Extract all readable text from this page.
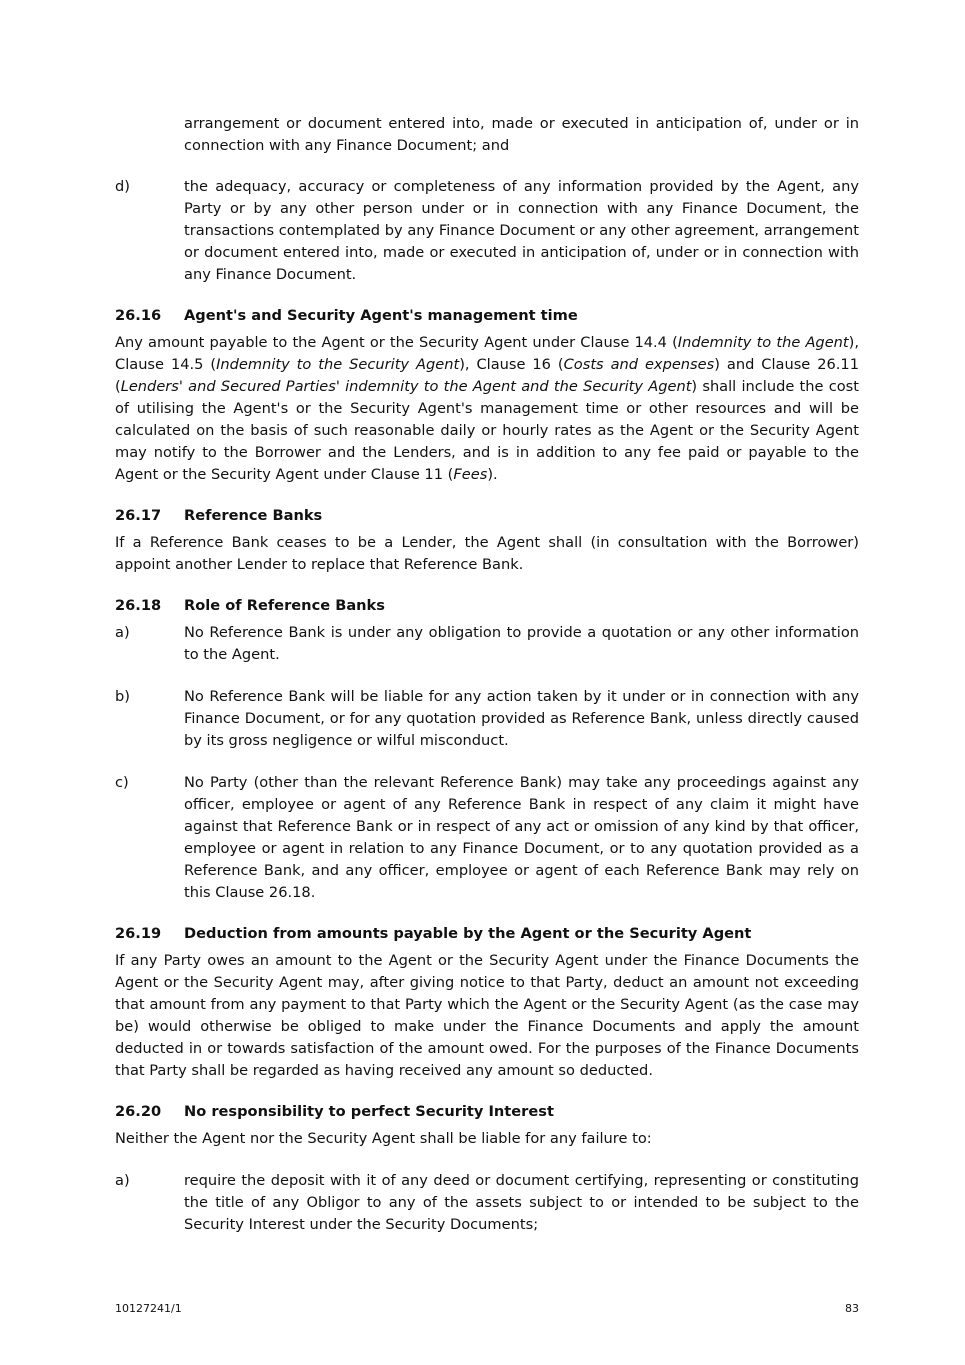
arrangement or document entered into, made or executed in anticipation of, under or in connection with any Finance Document; and
d)	the adequacy, accuracy or completeness of any information provided by the Agent, any Party or by any other person under or in connection with any Finance Document, the transactions contemplated by any Finance Document or any other agreement, arrangement or document entered into, made or executed in anticipation of, under or in connection with any Finance Document.
26.16 Agent's and Security Agent's management time
Any amount payable to the Agent or the Security Agent under Clause 14.4 (Indemnity to the Agent), Clause 14.5 (Indemnity to the Security Agent), Clause 16 (Costs and expenses) and Clause 26.11 (Lenders' and Secured Parties' indemnity to the Agent and the Security Agent) shall include the cost of utilising the Agent's or the Security Agent's management time or other resources and will be calculated on the basis of such reasonable daily or hourly rates as the Agent or the Security Agent may notify to the Borrower and the Lenders, and is in addition to any fee paid or payable to the Agent or the Security Agent under Clause 11 (Fees).
26.17 Reference Banks
If a Reference Bank ceases to be a Lender, the Agent shall (in consultation with the Borrower) appoint another Lender to replace that Reference Bank.
26.18 Role of Reference Banks
a)	No Reference Bank is under any obligation to provide a quotation or any other information to the Agent.
b)	No Reference Bank will be liable for any action taken by it under or in connection with any Finance Document, or for any quotation provided as Reference Bank, unless directly caused by its gross negligence or wilful misconduct.
c)	No Party (other than the relevant Reference Bank) may take any proceedings against any officer, employee or agent of any Reference Bank in respect of any claim it might have against that Reference Bank or in respect of any act or omission of any kind by that officer, employee or agent in relation to any Finance Document, or to any quotation provided as a Reference Bank, and any officer, employee or agent of each Reference Bank may rely on this Clause 26.18.
26.19 Deduction from amounts payable by the Agent or the Security Agent
If any Party owes an amount to the Agent or the Security Agent under the Finance Documents the Agent or the Security Agent may, after giving notice to that Party, deduct an amount not exceeding that amount from any payment to that Party which the Agent or the Security Agent (as the case may be) would otherwise be obliged to make under the Finance Documents and apply the amount deducted in or towards satisfaction of the amount owed. For the purposes of the Finance Documents that Party shall be regarded as having received any amount so deducted.
26.20 No responsibility to perfect Security Interest
Neither the Agent nor the Security Agent shall be liable for any failure to:
a)	require the deposit with it of any deed or document certifying, representing or constituting the title of any Obligor to any of the assets subject to or intended to be subject to the Security Interest under the Security Documents;
10127241/1	83
